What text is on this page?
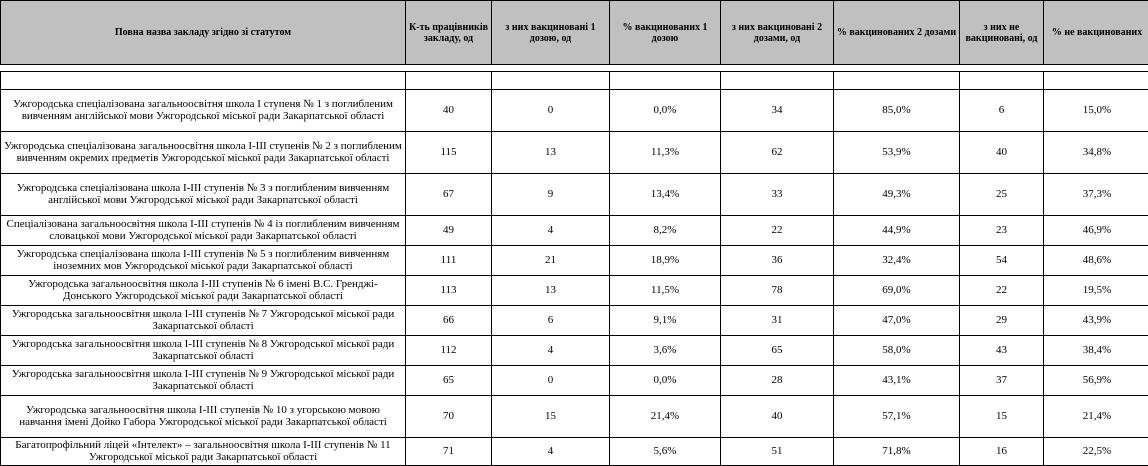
Повна назва закладу згідно зі статутом	К-ть працівників закладу, од	з них вакциновані 1 дозою, од	% вакцинованих 1 дозою	з них вакциновані 2 дозами, од	% вакцинованих 2 дозами	з них не вакциновані, од	% не вакцинованих

Ужгородська спеціалізована загальноосвітня школа І ступеня № 1 з поглибленим вивченням англійської мови Ужгородської міської ради Закарпатської області	40	0	0,0%	34	85,0%	6	15,0%
Ужгородська спеціалізована загальноосвітня школа І-ІІІ ступенів № 2 з поглибленим вивченням окремих предметів Ужгородської міської ради Закарпатської області	115	13	11,3%	62	53,9%	40	34,8%
Ужгородська спеціалізована школа І-ІІІ ступенів № 3 з поглибленим вивченням англійської мови Ужгородської міської ради Закарпатської області	67	9	13,4%	33	49,3%	25	37,3%
Спеціалізована загальноосвітня школа І-ІІІ ступенів № 4 із поглибленим вивченням словацької мови Ужгородської міської ради Закарпатської області	49	4	8,2%	22	44,9%	23	46,9%
Ужгородська спеціалізована школа І-ІІІ ступенів № 5 з поглибленим вивченням іноземних мов Ужгородської міської ради Закарпатської області	111	21	18,9%	36	32,4%	54	48,6%
Ужгородська загальноосвітня школа І-ІІІ ступенів № 6 імені В.С. Гренджі-Донського Ужгородської міської ради Закарпатської області	113	13	11,5%	78	69,0%	22	19,5%
Ужгородська загальноосвітня школа І-ІІІ ступенів № 7 Ужгородської міської ради Закарпатської області	66	6	9,1%	31	47,0%	29	43,9%
Ужгородська загальноосвітня школа І-ІІІ ступенів № 8 Ужгородської міської ради Закарпатської області	112	4	3,6%	65	58,0%	43	38,4%
Ужгородська загальноосвітня школа І-ІІІ ступенів № 9 Ужгородської міської ради Закарпатської області	65	0	0,0%	28	43,1%	37	56,9%
Ужгородська загальноосвітня школа І-ІІІ ступенів № 10 з угорською мовою навчання імені Дойко Габора Ужгородської міської ради Закарпатської області	70	15	21,4%	40	57,1%	15	21,4%
Багатопрофільний ліцей «Інтелект» – загальноосвітня школа І-ІІІ ступенів № 11 Ужгородської міської ради Закарпатської області	71	4	5,6%	51	71,8%	16	22,5%
